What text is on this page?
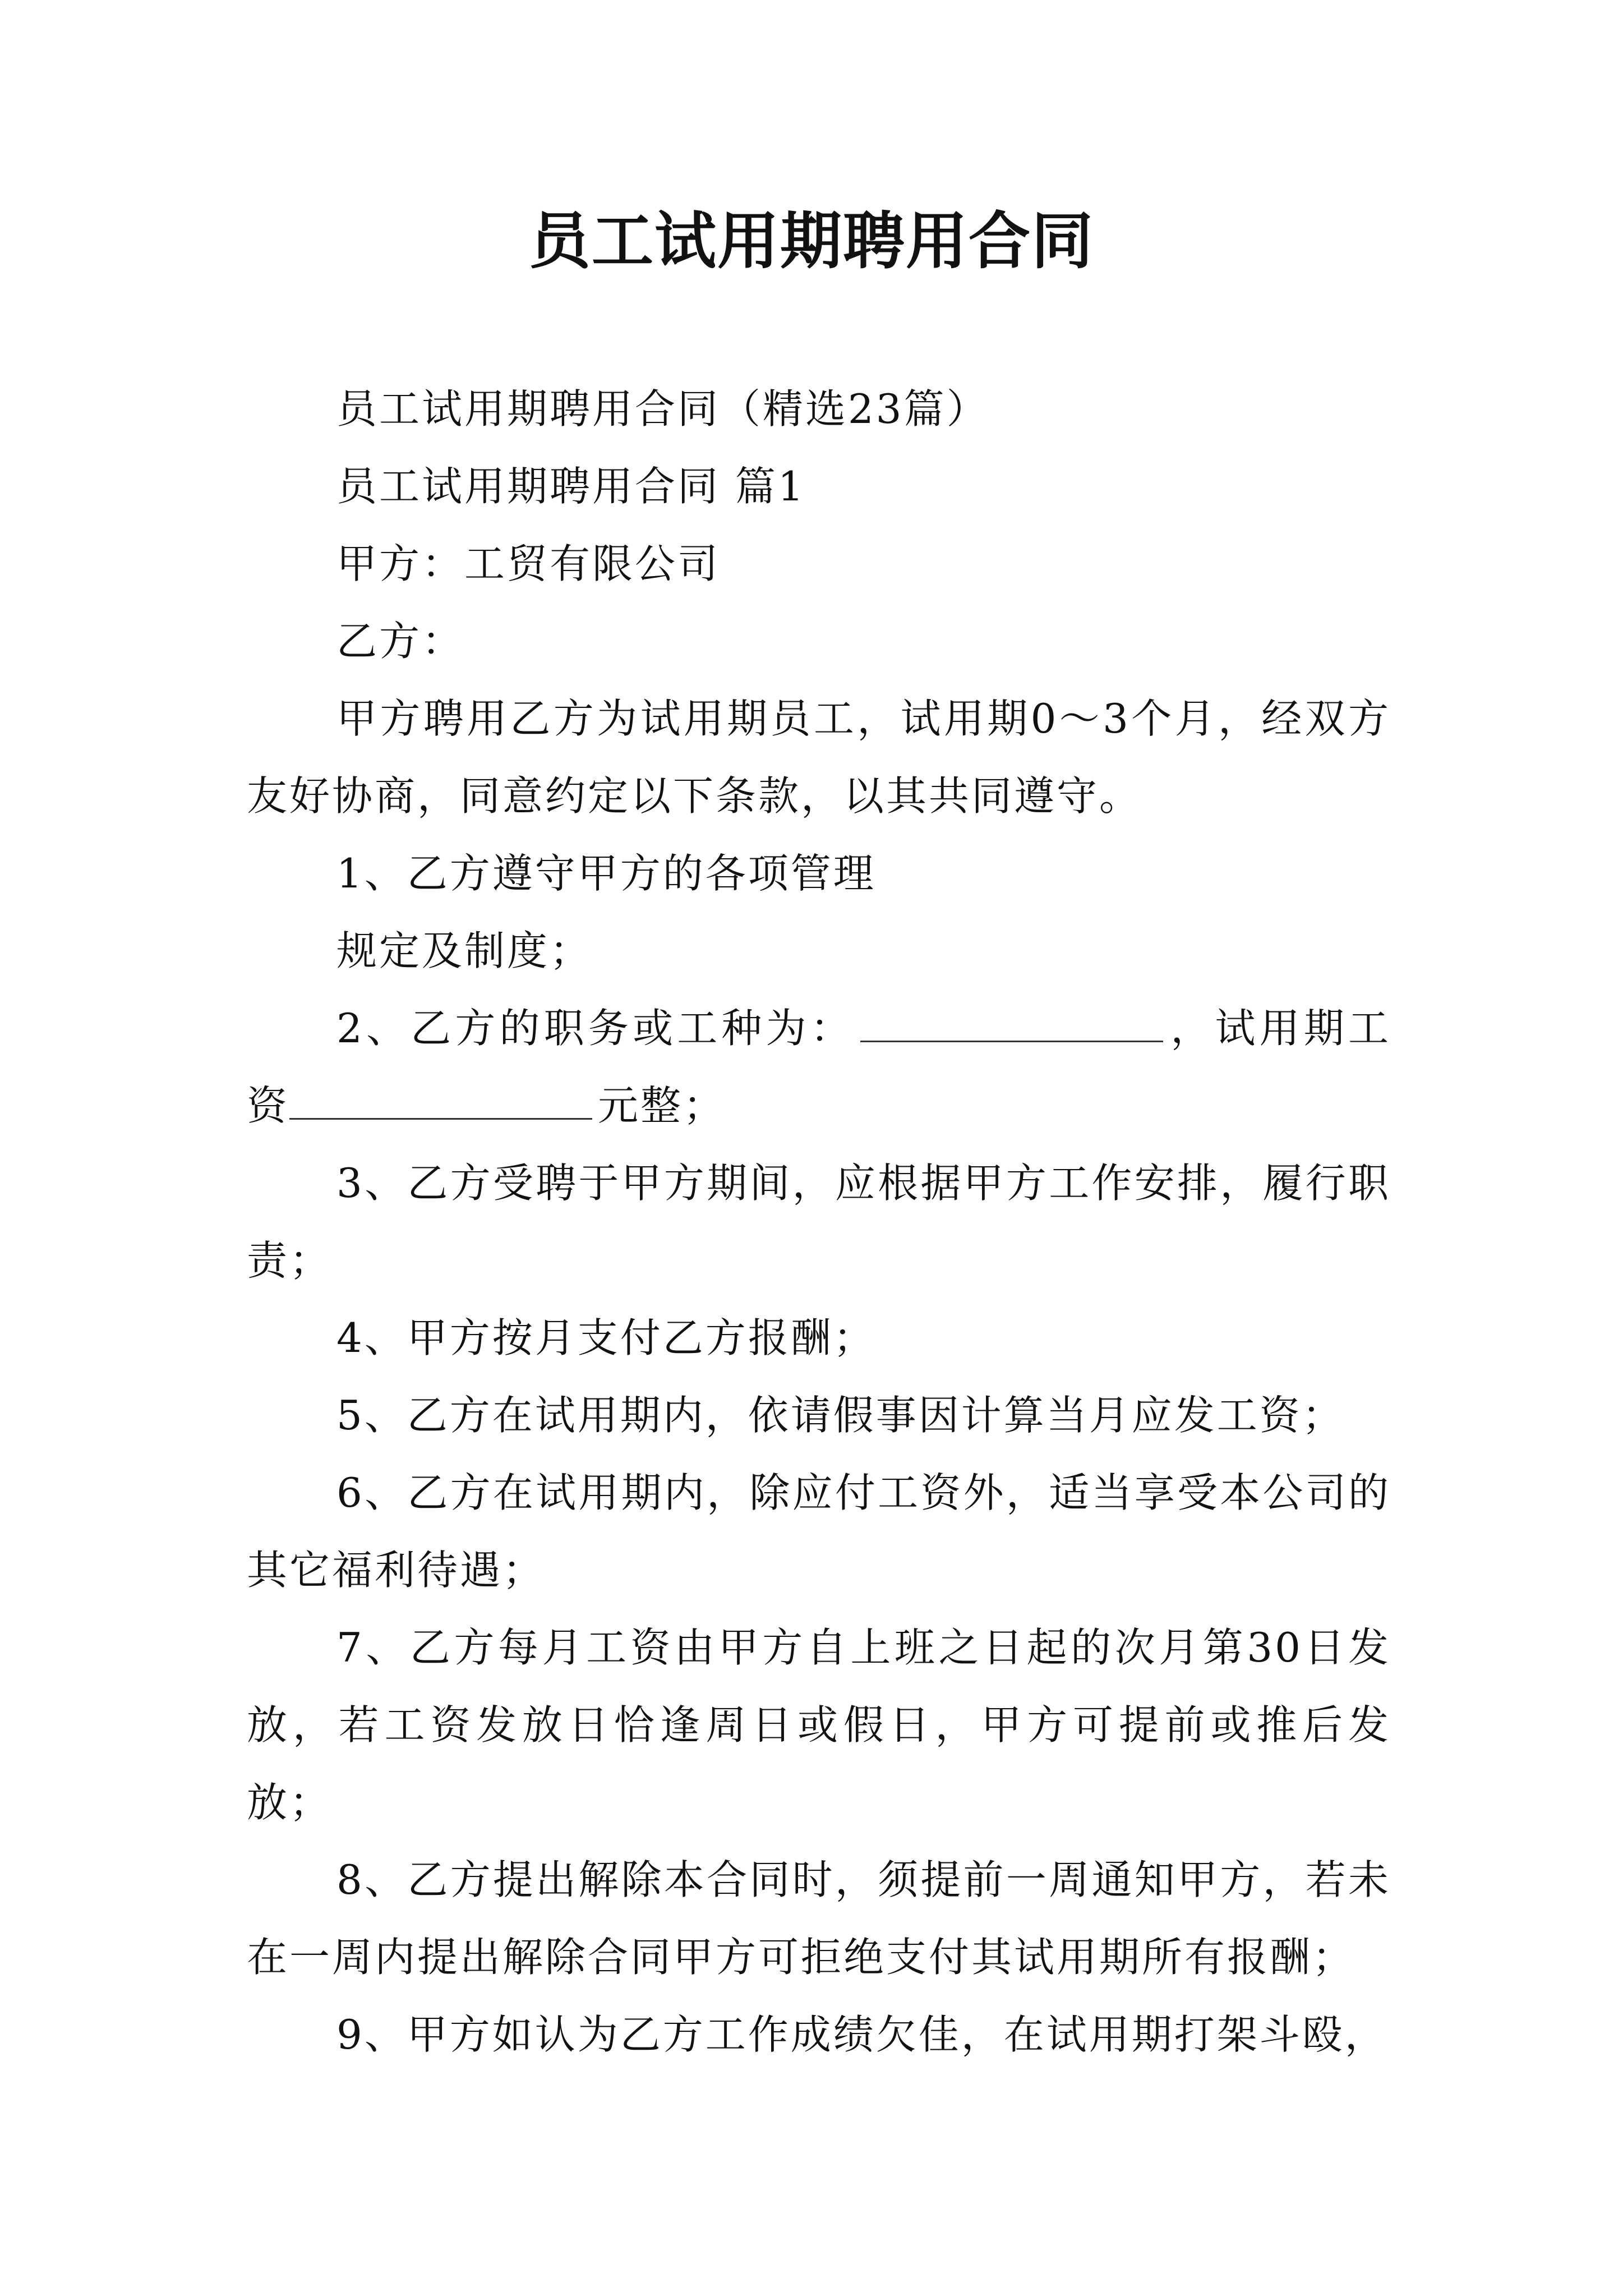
员工试用期聘用合同

员工试用期聘用合同（精选23篇）

员工试用期聘用合同 篇1

甲方：工贸有限公司

乙方：

甲方聘用乙方为试用期员工，试用期0～3个月，经双方友好协商，同意约定以下条款，以其共同遵守。

1、乙方遵守甲方的各项管理

规定及制度；

2、乙方的职务或工种为：	，试用期工资	元整；

3、乙方受聘于甲方期间，应根据甲方工作安排，履行职责；

4、甲方按月支付乙方报酬；

5、乙方在试用期内，依请假事因计算当月应发工资；

6、乙方在试用期内，除应付工资外，适当享受本公司的其它福利待遇；

7、乙方每月工资由甲方自上班之日起的次月第30日发放，若工资发放日恰逢周日或假日，甲方可提前或推后发放；

8、乙方提出解除本合同时，须提前一周通知甲方，若未在一周内提出解除合同甲方可拒绝支付其试用期所有报酬；

9、甲方如认为乙方工作成绩欠佳，在试用期打架斗殴，
